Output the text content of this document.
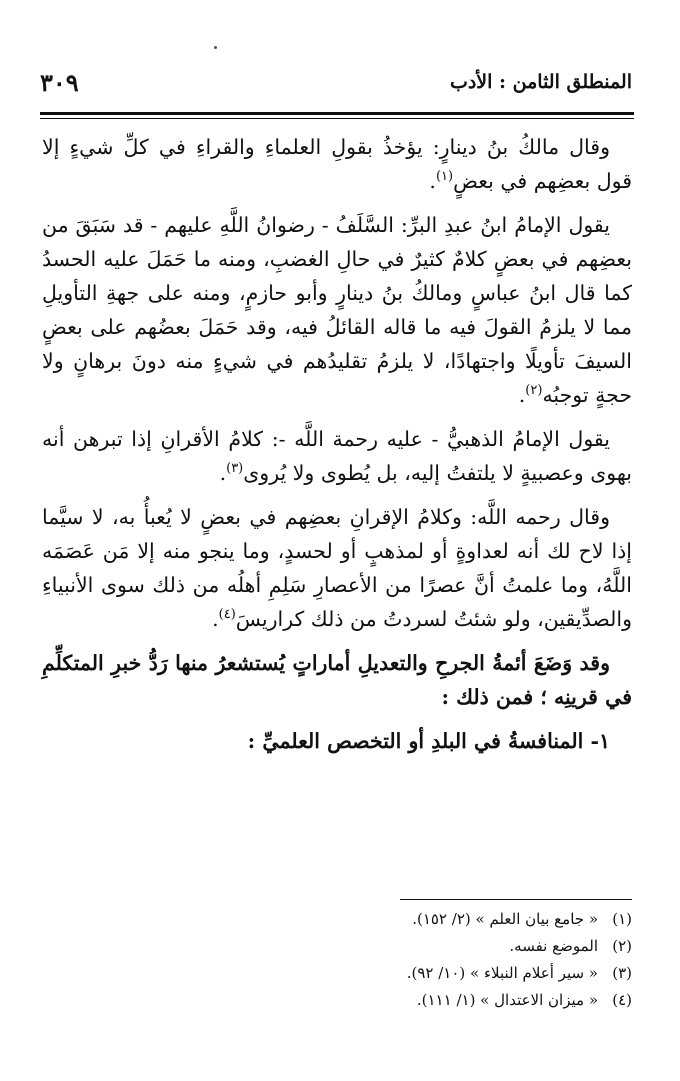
المنطلق الثامن : الأدب
٣٠٩

وقال مالكُ بنُ دينارٍ: يؤخذُ بقولِ العلماءِ والقراءِ في كلِّ شيءٍ إلا قول بعضِهم في بعضٍ$^{(١)}$.

يقول الإمامُ ابنُ عبدِ البرِّ: السَّلَفُ - رضوانُ اللَّهِ عليهم - قد سَبَقَ من بعضِهم في بعضٍ كلامٌ كثيرٌ في حالِ الغضبِ، ومنه ما حَمَلَ عليه الحسدُ كما قال ابنُ عباسٍ ومالكُ بنُ دينارٍ وأبو حازمٍ، ومنه على جهةِ التأويلِ مما لا يلزمُ القولَ فيه ما قاله القائلُ فيه، وقد حَمَلَ بعضُهم على بعضٍ السيفَ تأويلًا واجتهادًا، لا يلزمُ تقليدُهم في شيءٍ منه دونَ برهانٍ ولا حجةٍ توجبُه$^{(٢)}$.

يقول الإمامُ الذهبيُّ - عليه رحمة اللَّه -: كلامُ الأقرانِ إذا تبرهن أنه بهوى وعصبيةٍ لا يلتفتُ إليه، بل يُطوى ولا يُروى$^{(٣)}$.

وقال رحمه اللَّه: وكلامُ الإقرانِ بعضِهم في بعضٍ لا يُعبأُ به، لا سيَّما إذا لاح لك أنه لعداوةٍ أو لمذهبٍ أو لحسدٍ، وما ينجو منه إلا مَن عَصَمَه اللَّهُ، وما علمتُ أنَّ عصرًا من الأعصارِ سَلِمِ أهلُه من ذلك سوى الأنبياءِ والصدِّيقين، ولو شئتُ لسردتُ من ذلك كراريسَ$^{(٤)}$.

وقد وَضَعَ أئمةُ الجرحِ والتعديلِ أماراتٍ يُستشعرُ منها رَدُّ خبرِ المتكلِّمِ في قرينِه ؛ فمن ذلك :

١- المنافسةُ في البلدِ أو التخصص العلميِّ :

(١)
« جامع بيان العلم » (٢/ ١٥٢).
(٢)
الموضع نفسه.
(٣)
« سير أعلام النبلاء » (١٠/ ٩٢).
(٤)
« ميزان الاعتدال » (١/ ١١١).
